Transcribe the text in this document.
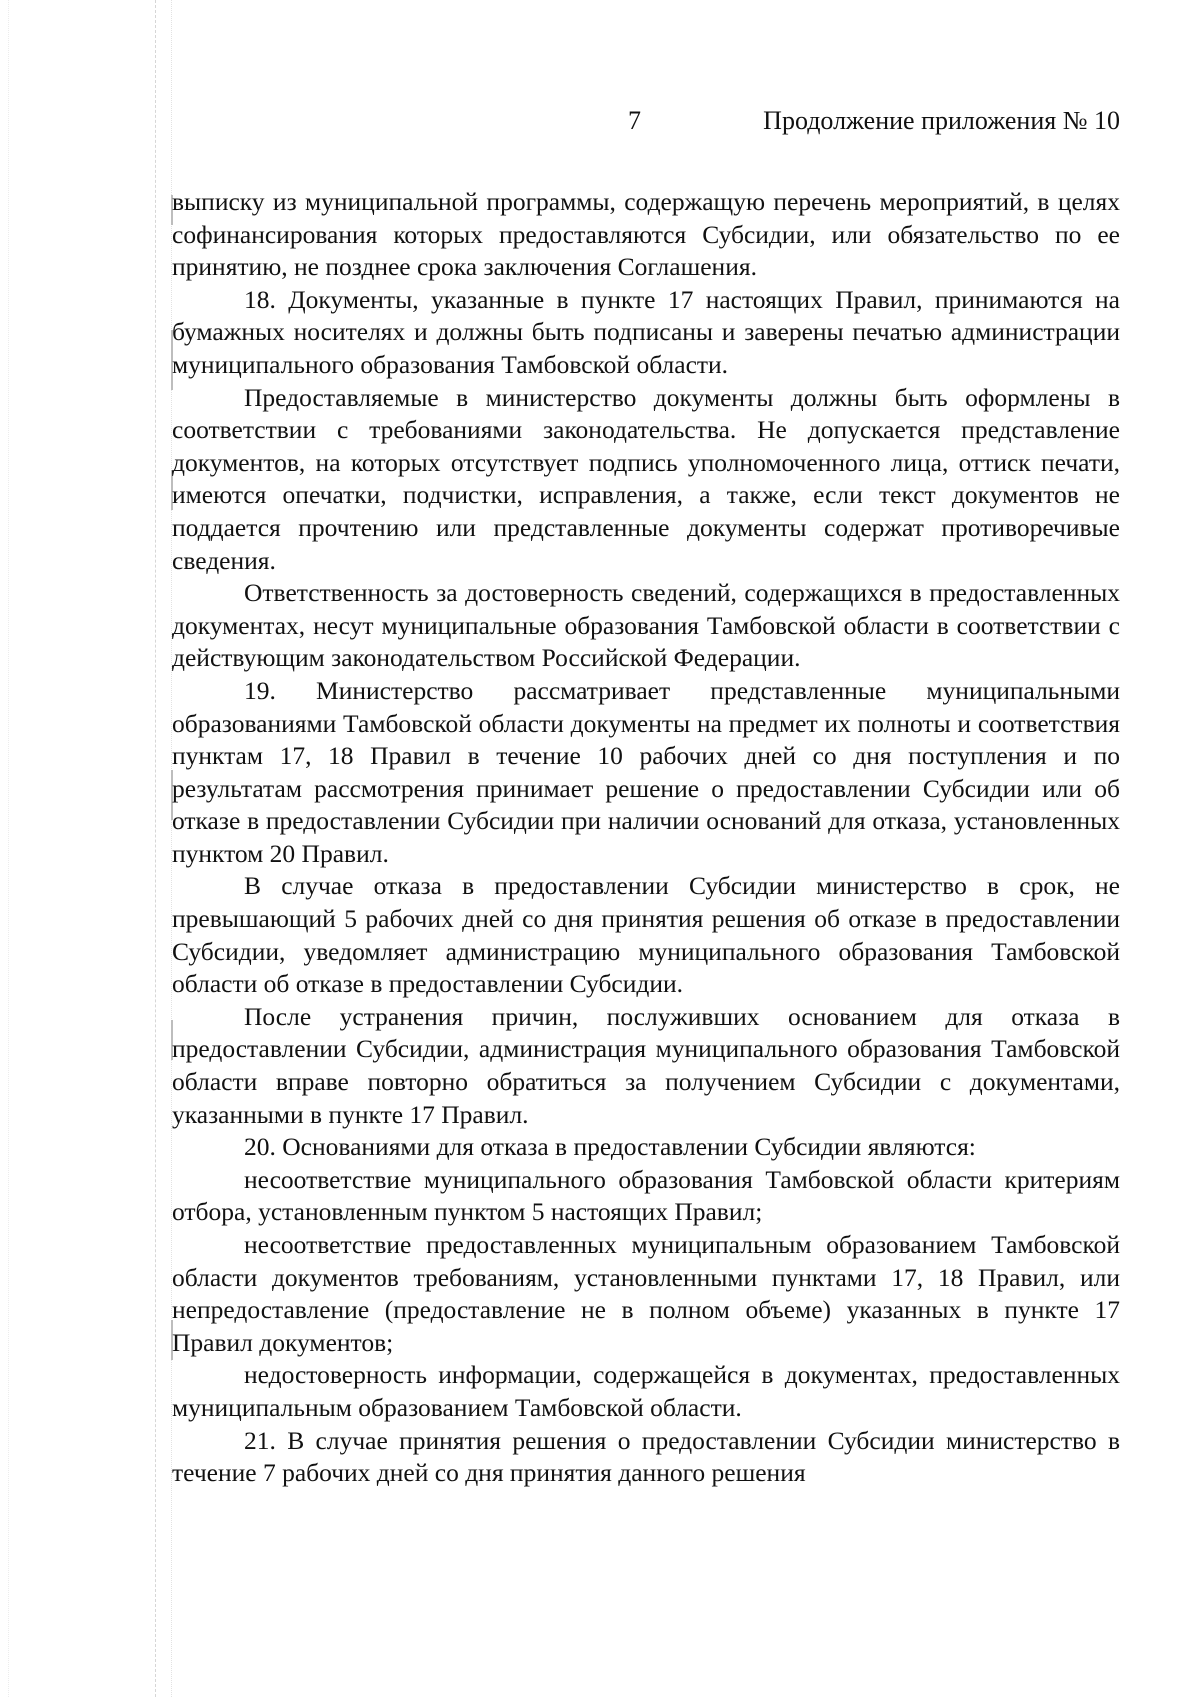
7	Продолжение приложения № 10

выписку из муниципальной программы, содержащую перечень мероприятий, в целях софинансирования которых предоставляются Субсидии, или обязательство по ее принятию, не позднее срока заключения Соглашения.

18. Документы, указанные в пункте 17 настоящих Правил, принимаются на бумажных носителях и должны быть подписаны и заверены печатью администрации муниципального образования Тамбовской области.

Предоставляемые в министерство документы должны быть оформлены в соответствии с требованиями законодательства. Не допускается представление документов, на которых отсутствует подпись уполномоченного лица, оттиск печати, имеются опечатки, подчистки, исправления, а также, если текст документов не поддается прочтению или представленные документы содержат противоречивые сведения.

Ответственность за достоверность сведений, содержащихся в предоставленных документах, несут муниципальные образования Тамбовской области в соответствии с действующим законодательством Российской Федерации.

19. Министерство рассматривает представленные муниципальными образованиями Тамбовской области документы на предмет их полноты и соответствия пунктам 17, 18 Правил в течение 10 рабочих дней со дня поступления и по результатам рассмотрения принимает решение о предоставлении Субсидии или об отказе в предоставлении Субсидии при наличии оснований для отказа, установленных пунктом 20 Правил.

В случае отказа в предоставлении Субсидии министерство в срок, не превышающий 5 рабочих дней со дня принятия решения об отказе в предоставлении Субсидии, уведомляет администрацию муниципального образования Тамбовской области об отказе в предоставлении Субсидии.

После устранения причин, послуживших основанием для отказа в предоставлении Субсидии, администрация муниципального образования Тамбовской области вправе повторно обратиться за получением Субсидии с документами, указанными в пункте 17 Правил.

20. Основаниями для отказа в предоставлении Субсидии являются:

несоответствие муниципального образования Тамбовской области критериям отбора, установленным пунктом 5 настоящих Правил;

несоответствие предоставленных муниципальным образованием Тамбовской области документов требованиям, установленными пунктами 17, 18 Правил, или непредоставление (предоставление не в полном объеме) указанных в пункте 17 Правил документов;

недостоверность информации, содержащейся в документах, предоставленных муниципальным образованием Тамбовской области.

21. В случае принятия решения о предоставлении Субсидии министерство в течение 7 рабочих дней со дня принятия данного решения
